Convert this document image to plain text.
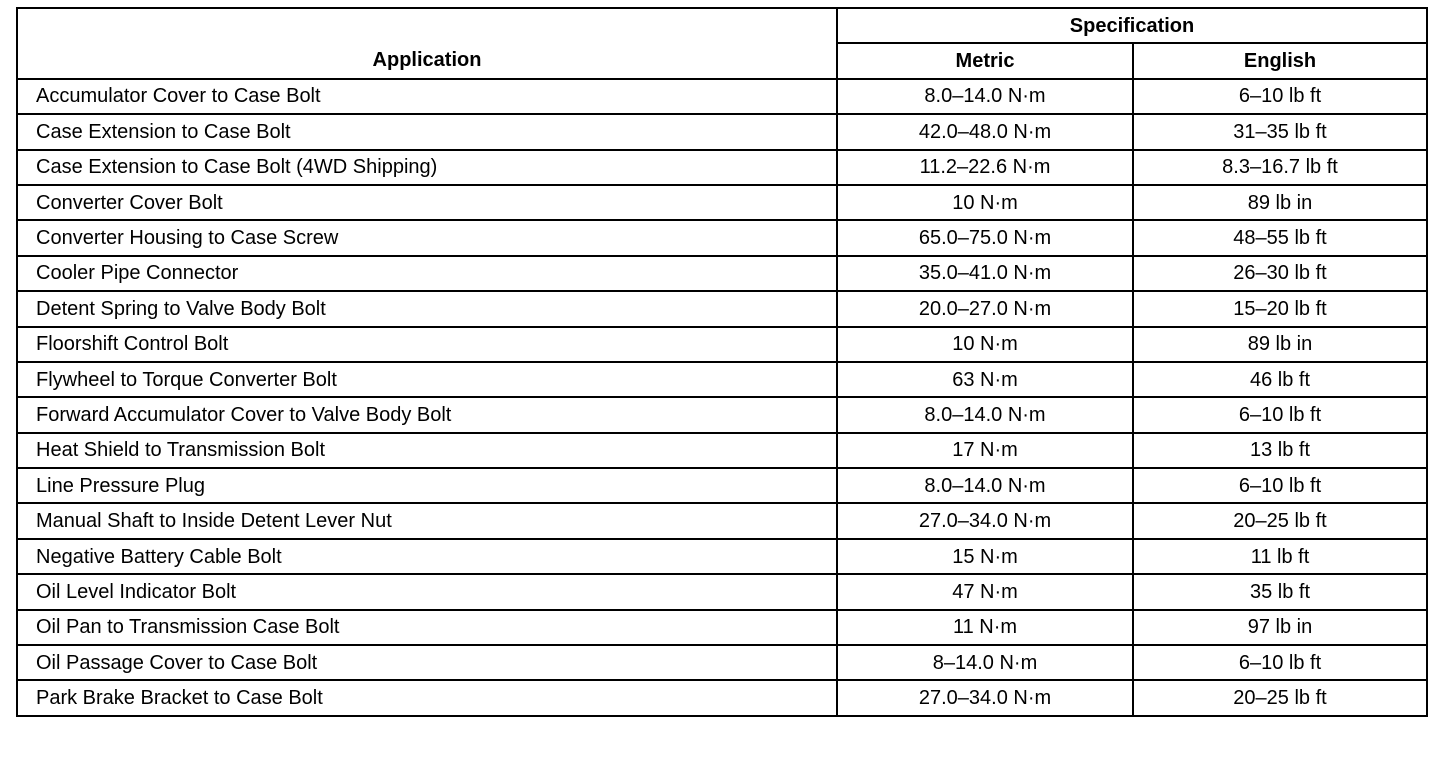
Application	Specification	
	Metric	English
Accumulator Cover to Case Bolt	8.0–14.0 N·m	6–10 lb ft
Case Extension to Case Bolt	42.0–48.0 N·m	31–35 lb ft
Case Extension to Case Bolt (4WD Shipping)	11.2–22.6 N·m	8.3–16.7 lb ft
Converter Cover Bolt	10 N·m	89 lb in
Converter Housing to Case Screw	65.0–75.0 N·m	48–55 lb ft
Cooler Pipe Connector	35.0–41.0 N·m	26–30 lb ft
Detent Spring to Valve Body Bolt	20.0–27.0 N·m	15–20 lb ft
Floorshift Control Bolt	10 N·m	89 lb in
Flywheel to Torque Converter Bolt	63 N·m	46 lb ft
Forward Accumulator Cover to Valve Body Bolt	8.0–14.0 N·m	6–10 lb ft
Heat Shield to Transmission Bolt	17 N·m	13 lb ft
Line Pressure Plug	8.0–14.0 N·m	6–10 lb ft
Manual Shaft to Inside Detent Lever Nut	27.0–34.0 N·m	20–25 lb ft
Negative Battery Cable Bolt	15 N·m	11 lb ft
Oil Level Indicator Bolt	47 N·m	35 lb ft
Oil Pan to Transmission Case Bolt	11 N·m	97 lb in
Oil Passage Cover to Case Bolt	8–14.0 N·m	6–10 lb ft
Park Brake Bracket to Case Bolt	27.0–34.0 N·m	20–25 lb ft
